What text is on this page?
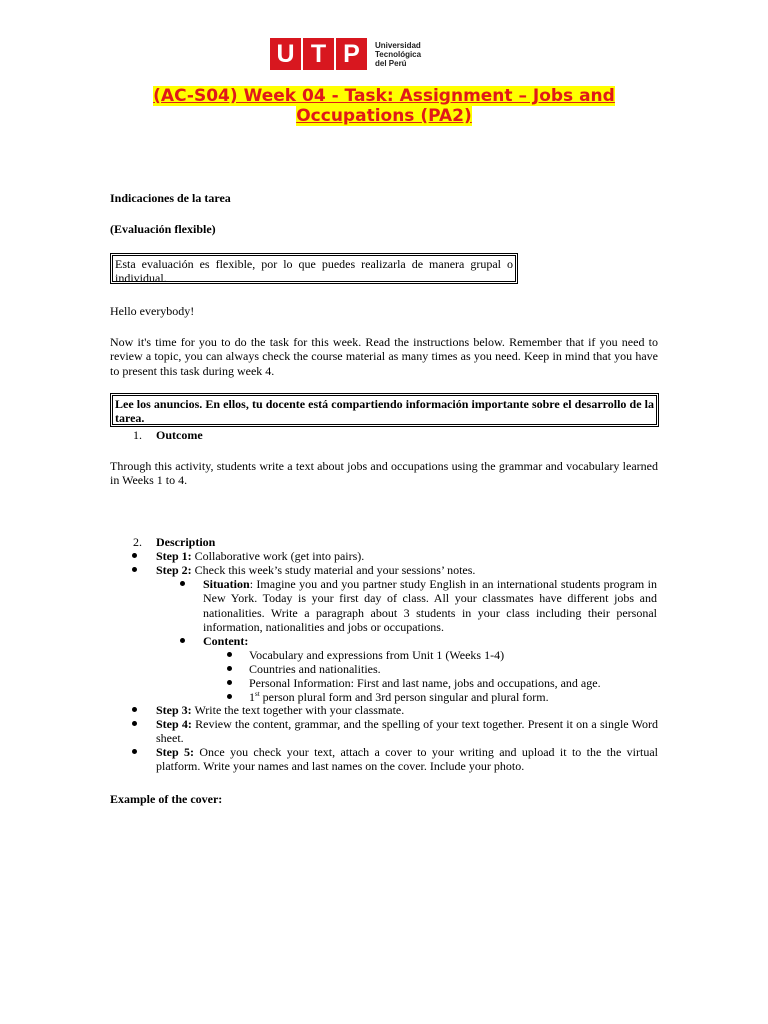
U T P	Universidad
Tecnológica
del Perú
(AC-S04) Week 04 - Task: Assignment – Jobs and Occupations (PA2)

Indicaciones de la tarea

(Evaluación flexible)

Esta evaluación es flexible, por lo que puedes realizarla de manera grupal o individual.

Hello everybody!

Now it's time for you to do the task for this week. Read the instructions below. Remember that if you need to review a topic, you can always check the course material as many times as you need. Keep in mind that you have to present this task during week 4.

Lee los anuncios. En ellos, tu docente está compartiendo información importante sobre el desarrollo de la tarea.
1. Outcome

Through this activity, students write a text about jobs and occupations using the grammar and vocabulary learned in Weeks 1 to 4.

2. Description
Step 1: Collaborative work (get into pairs).
Step 2: Check this week’s study material and your sessions’ notes.
Situation: Imagine you and you partner study English in an international students program in New York. Today is your first day of class. All your classmates have different jobs and nationalities. Write a paragraph about 3 students in your class including their personal information, nationalities and jobs or occupations.
Content:
Vocabulary and expressions from Unit 1 (Weeks 1-4)
Countries and nationalities.
Personal Information: First and last name, jobs and occupations, and age.
1st person plural form and 3rd person singular and plural form.
Step 3: Write the text together with your classmate.
Step 4: Review the content, grammar, and the spelling of your text together. Present it on a single Word sheet.
Step 5: Once you check your text, attach a cover to your writing and upload it to the the virtual platform. Write your names and last names on the cover. Include your photo.

Example of the cover:
